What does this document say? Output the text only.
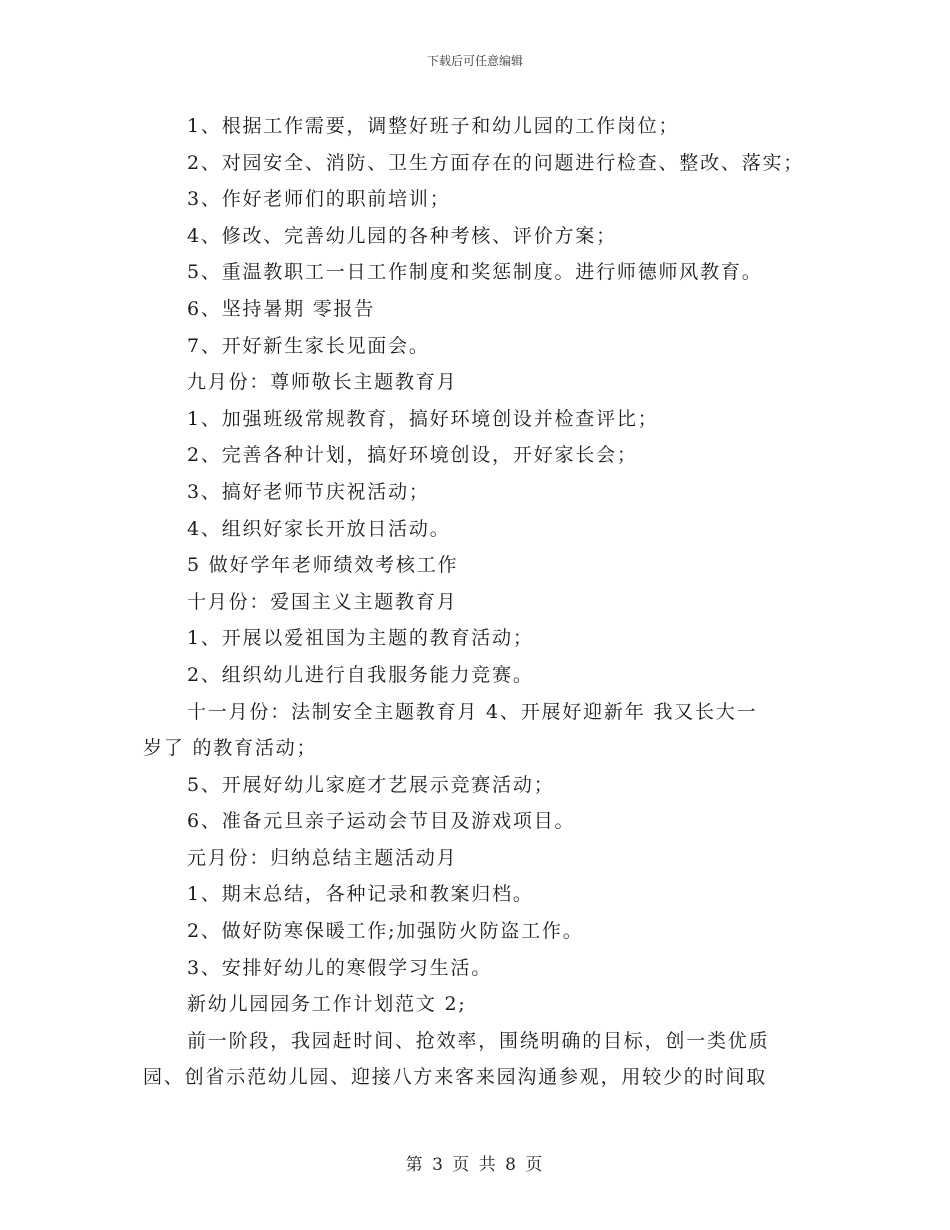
下载后可任意编辑
1、根据工作需要，调整好班子和幼儿园的工作岗位；
2、对园安全、消防、卫生方面存在的问题进行检查、整改、落实；
3、作好老师们的职前培训；
4、修改、完善幼儿园的各种考核、评价方案；
5、重温教职工一日工作制度和奖惩制度。进行师德师风教育。
6、坚持暑期 零报告
7、开好新生家长见面会。
九月份：尊师敬长主题教育月
1、加强班级常规教育，搞好环境创设并检查评比；
2、完善各种计划，搞好环境创设，开好家长会；
3、搞好老师节庆祝活动；
4、组织好家长开放日活动。
5 做好学年老师绩效考核工作
十月份：爱国主义主题教育月
1、开展以爱祖国为主题的教育活动；
2、组织幼儿进行自我服务能力竞赛。
十一月份：法制安全主题教育月 4、开展好迎新年 我又长大一
岁了 的教育活动；
5、开展好幼儿家庭才艺展示竞赛活动；
6、准备元旦亲子运动会节目及游戏项目。
元月份：归纳总结主题活动月
1、期末总结，各种记录和教案归档。
2、做好防寒保暖工作;加强防火防盗工作。
3、安排好幼儿的寒假学习生活。
新幼儿园园务工作计划范文 2;
前一阶段，我园赶时间、抢效率，围绕明确的目标，创一类优质
园、创省示范幼儿园、迎接八方来客来园沟通参观，用较少的时间取
第 3 页 共 8 页
